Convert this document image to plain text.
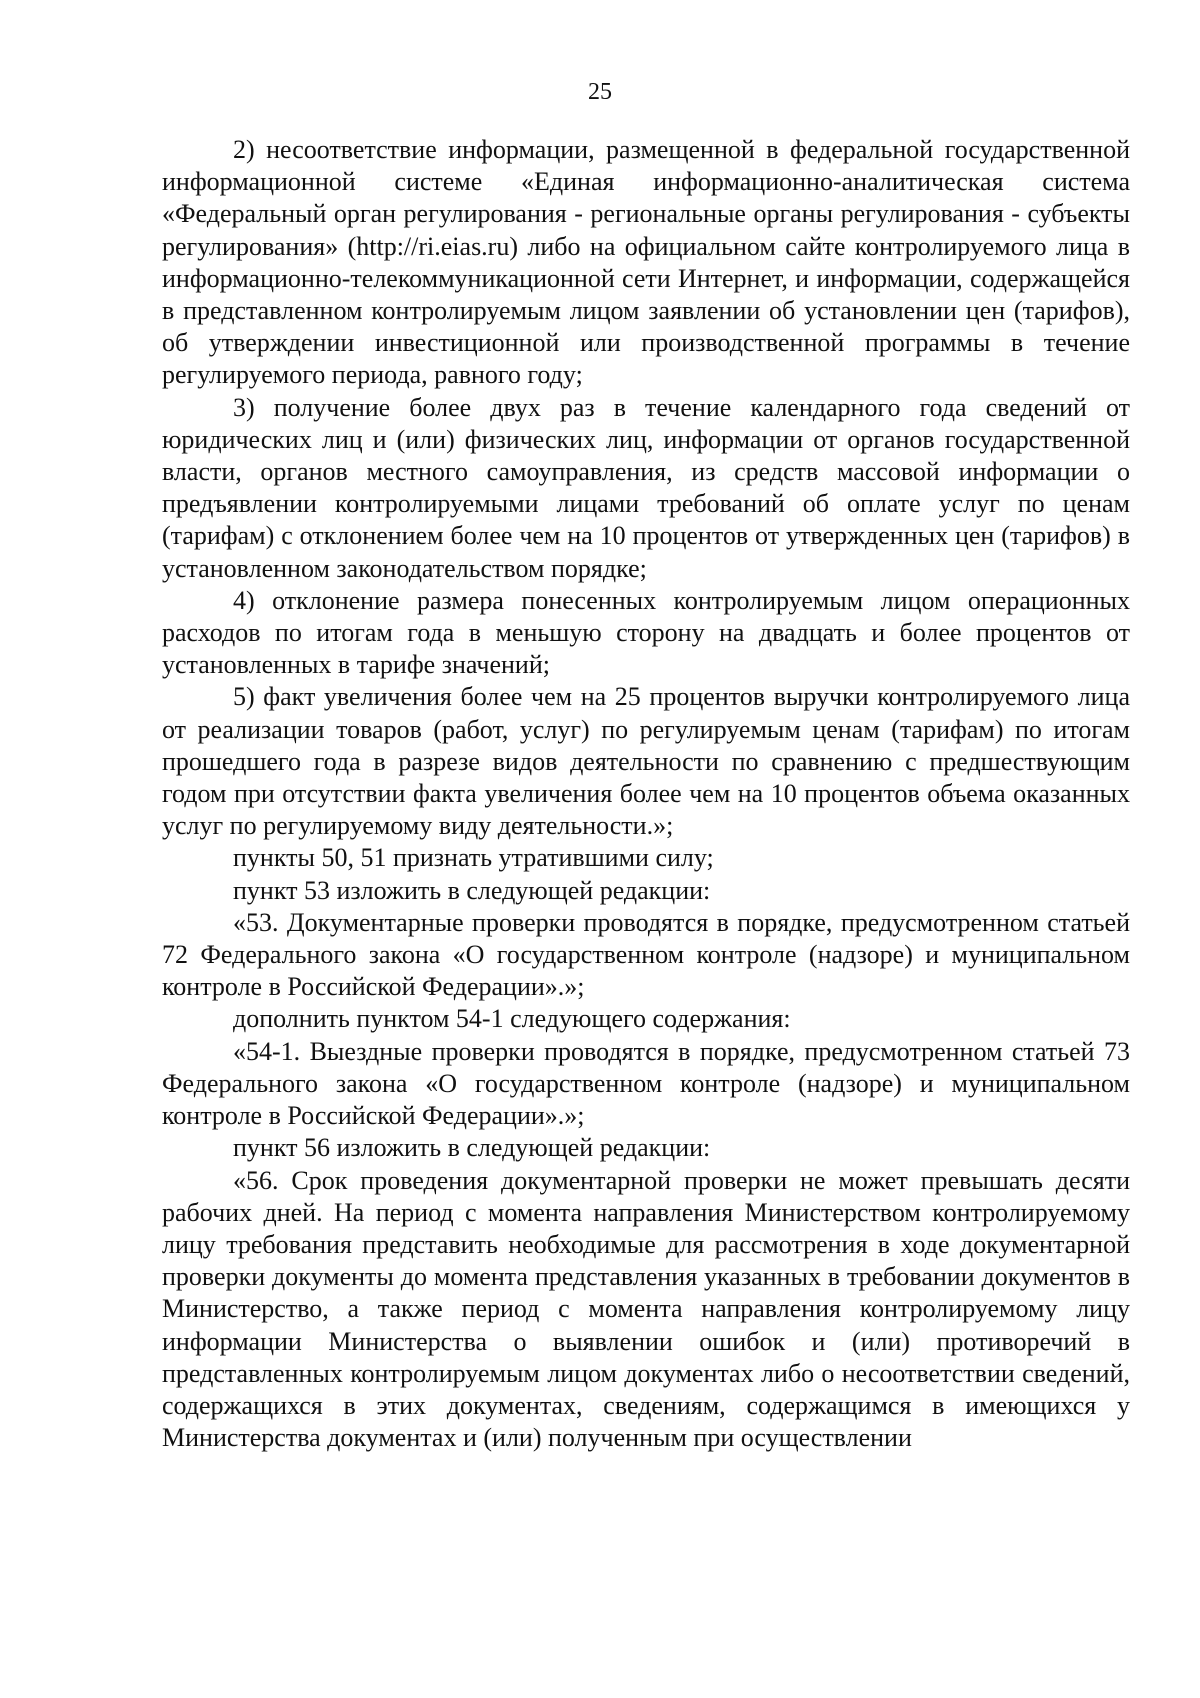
25

2) несоответствие информации, размещенной в федеральной государственной информационной системе «Единая информационно-аналитическая система «Федеральный орган регулирования - региональные органы регулирования - субъекты регулирования» (http://ri.eias.ru) либо на официальном сайте контролируемого лица в информационно-телекоммуникационной сети Интернет, и информации, содержащейся в представленном контролируемым лицом заявлении об установлении цен (тарифов), об утверждении инвестиционной или производственной программы в течение регулируемого периода, равного году;

3) получение более двух раз в течение календарного года сведений от юридических лиц и (или) физических лиц, информации от органов государственной власти, органов местного самоуправления, из средств массовой информации о предъявлении контролируемыми лицами требований об оплате услуг по ценам (тарифам) с отклонением более чем на 10 процентов от утвержденных цен (тарифов) в установленном законодательством порядке;

4) отклонение размера понесенных контролируемым лицом операционных расходов по итогам года в меньшую сторону на двадцать и более процентов от установленных в тарифе значений;

5) факт увеличения более чем на 25 процентов выручки контролируемого лица от реализации товаров (работ, услуг) по регулируемым ценам (тарифам) по итогам прошедшего года в разрезе видов деятельности по сравнению с предшествующим годом при отсутствии факта увеличения более чем на 10 процентов объема оказанных услуг по регулируемому виду деятельности.»;

пункты 50, 51 признать утратившими силу;

пункт 53 изложить в следующей редакции:

«53. Документарные проверки проводятся в порядке, предусмотренном статьей 72 Федерального закона «О государственном контроле (надзоре) и муниципальном контроле в Российской Федерации».»;

дополнить пунктом 54-1 следующего содержания:

«54-1. Выездные проверки проводятся в порядке, предусмотренном статьей 73 Федерального закона «О государственном контроле (надзоре) и муниципальном контроле в Российской Федерации».»;

пункт 56 изложить в следующей редакции:

«56. Срок проведения документарной проверки не может превышать десяти рабочих дней. На период с момента направления Министерством контролируемому лицу требования представить необходимые для рассмотрения в ходе документарной проверки документы до момента представления указанных в требовании документов в Министерство, а также период с момента направления контролируемому лицу информации Министерства о выявлении ошибок и (или) противоречий в представленных контролируемым лицом документах либо о несоответствии сведений, содержащихся в этих документах, сведениям, содержащимся в имеющихся у Министерства документах и (или) полученным при осуществлении
